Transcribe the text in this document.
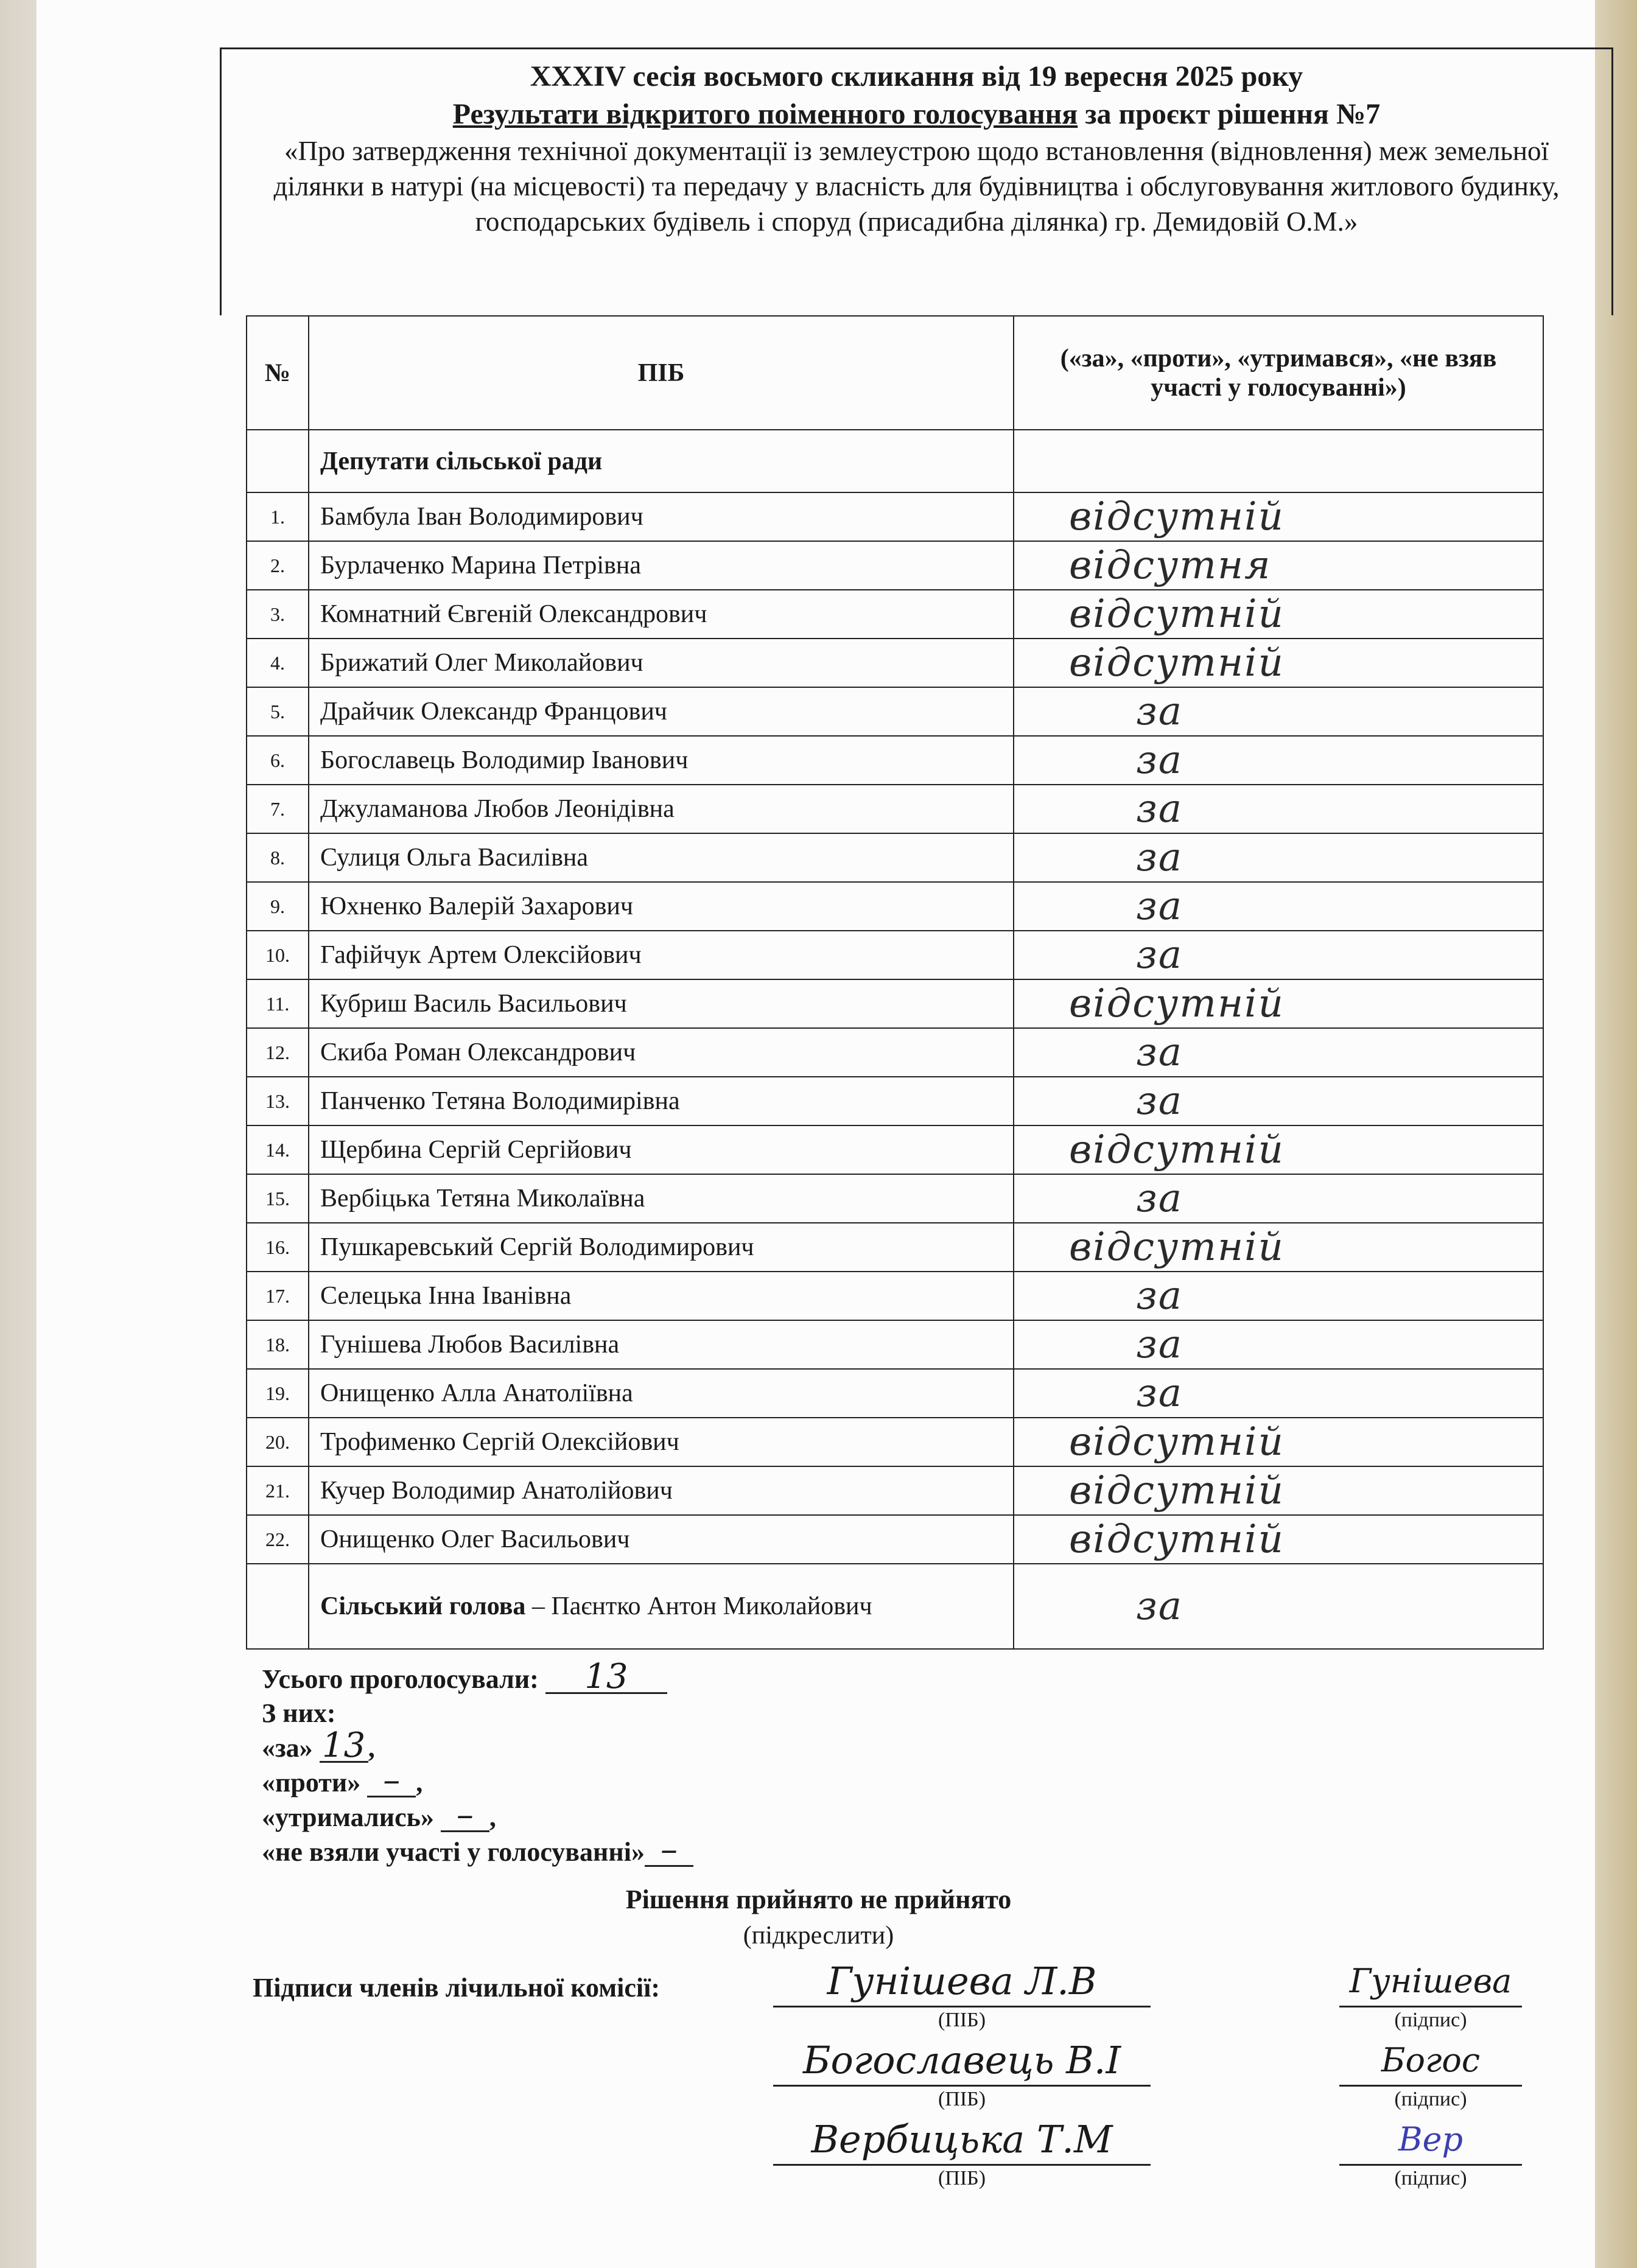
XXXIV сесія восьмого скликання від 19 вересня 2025 року
Результати відкритого поіменного голосування за проєкт рішення №7
«Про затвердження технічної документації із землеустрою щодо встановлення (відновлення) меж земельної ділянки в натурі (на місцевості) та передачу у власність для будівництва і обслуговування житлового будинку, господарських будівель і споруд (присадибна ділянка) гр. Демидовій О.М.»
№	ПІБ	(«за», «проти», «утримався», «не взяв участі у голосуванні»)
	Депутати сільської ради	
1.	Бамбула Іван Володимирович	відсутній
2.	Бурлаченко Марина Петрівна	відсутня
3.	Комнатний Євгеній Олександрович	відсутній
4.	Брижатий Олег Миколайович	відсутній
5.	Драйчик Олександр Францович	за
6.	Богославець Володимир Іванович	за
7.	Джуламанова Любов Леонідівна	за
8.	Сулиця Ольга Василівна	за
9.	Юхненко Валерій Захарович	за
10.	Гафійчук Артем Олексійович	за
11.	Кубриш Василь Васильович	відсутній
12.	Скиба Роман Олександрович	за
13.	Панченко Тетяна Володимирівна	за
14.	Щербина Сергій Сергійович	відсутній
15.	Вербіцька Тетяна Миколаївна	за
16.	Пушкаревський Сергій Володимирович	відсутній
17.	Селецька Інна Іванівна	за
18.	Гунішева Любов Василівна	за
19.	Онищенко Алла Анатоліївна	за
20.	Трофименко Сергій Олексійович	відсутній
21.	Кучер Володимир Анатолійович	відсутній
22.	Онищенко Олег Васильович	відсутній
	Сільський голова – Паєнтко Антон Миколайович	за
Усього проголосували: 13
З них:
«за» 13,
«проти» – ,
«утримались» – ,
«не взяли участі у голосуванні» –
Рішення прийнято не прийнято
(підкреслити)
Підписи членів лічильної комісії:	Гунішева Л.В
(ПІБ)
Гунішева
(підпис)
Богославець В.І
(ПІБ)
Богос
(підпис)
Вербицька Т.М
(ПІБ)
Вер
(підпис)
